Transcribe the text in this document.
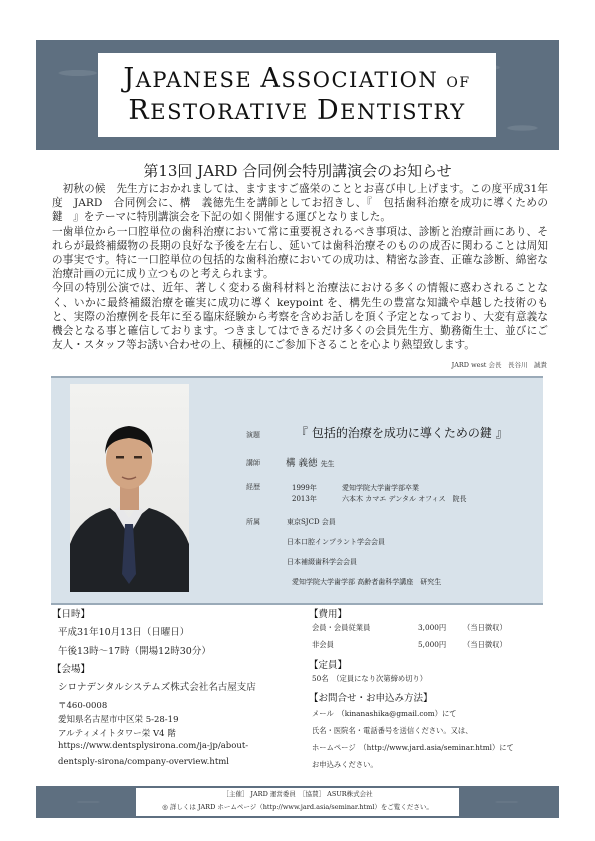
JAPANESE ASSOCIATION OF
RESTORATIVE DENTISTRY
第13回 JARD 合同例会特別講演会のお知らせ

初秋の候　先生方におかれましては、ますますご盛栄のこととお喜び申し上げます。この度平成31年度　JARD　合同例会に、構　義徳先生を講師としてお招きし、『　包括歯科治療を成功に導くための鍵　』をテーマに特別講演会を下記の如く開催する運びとなりました。

一歯単位から一口腔単位の歯科治療において常に重要視されるべき事項は、診断と治療計画にあり、それらが最終補綴物の長期の良好な予後を左右し、延いては歯科治療そのものの成否に関わることは周知の事実です。特に一口腔単位の包括的な歯科治療においての成功は、精密な診査、正確な診断、綿密な治療計画の元に成り立つものと考えられます。

今回の特別公演では、近年、著しく変わる歯科材料と治療法における多くの情報に惑わされることなく、いかに最終補綴治療を確実に成功に導く keypoint を、構先生の豊富な知識や卓越した技術のもと、実際の治療例を長年に至る臨床経験から考察を含めお話しを頂く予定となっており、大変有意義な機会となる事と確信しております。つきましてはできるだけ多くの会員先生方、勤務衛生士、並びにご友人・スタッフ等お誘い合わせの上、積極的にご参加下さることを心より熱望致します。

JARD west 会長　長谷川　誠貴
演題	『 包括的治療を成功に導くための鍵 』
講師	構 義徳 先生
経歴	1999年	愛知学院大学歯学部卒業
2013年	六本木 カマエ デンタル オフィス　院長
所属	東京SJCD 会員
日本口腔インプラント学会会員
日本補綴歯科学会会員
愛知学院大学歯学部 高齢者歯科学講座　研究生
【日時】
平成31年10月13日（日曜日）
午後13時～17時（開場12時30分）
【会場】
シロナデンタルシステムズ株式会社名古屋支店
〒460-0008
愛知県名古屋市中区栄 5-28-19
アルティメイトタワー栄 V4 階
https://www.dentsplysirona.com/ja-jp/about-
dentsply-sirona/company-overview.html
【費用】
会員・会員従業員	3,000円 （当日徴収）
非会員	5,000円 （当日徴収）
【定員】
50名　（定員になり次第締め切り）
【お問合せ・お申込み方法】
メール　（kinanashika@gmail.com）にて
氏名・医院名・電話番号を送信ください。又は、
ホームページ　（http://www.jard.asia/seminar.html）にて
お申込みください。
［主催］ JARD 運営委員　［協賛］ ASUR株式会社
◎ 詳しくは JARD ホームページ（http://www.jard.asia/seminar.html）をご覧ください。
